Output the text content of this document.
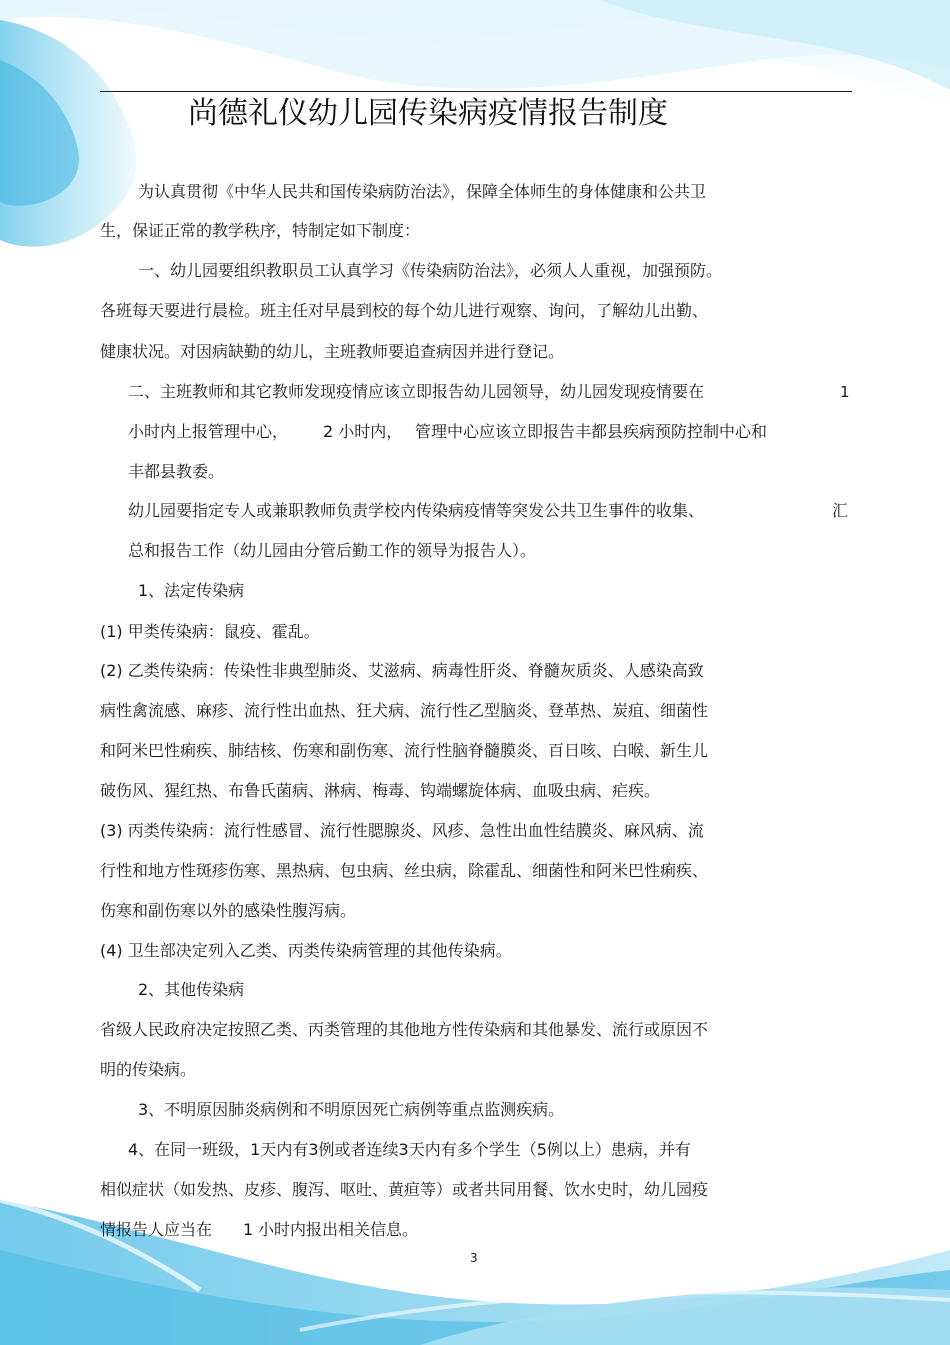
尚德礼仪幼儿园传染病疫情报告制度
为认真贯彻《中华人民共和国传染病防治法》，保障全体师生的身体健康和公共卫
生，保证正常的教学秩序，特制定如下制度：
一、幼儿园要组织教职员工认真学习《传染病防治法》，必须人人重视，加强预防。
各班每天要进行晨检。班主任对早晨到校的每个幼儿进行观察、询问，了解幼儿出勤、
健康状况。对因病缺勤的幼儿，主班教师要追查病因并进行登记。
二、主班教师和其它教师发现疫情应该立即报告幼儿园领导，幼儿园发现疫情要在	1
小时内上报管理中心， 2 小时内， 管理中心应该立即报告丰都县疾病预防控制中心和
丰都县教委。
幼儿园要指定专人或兼职教师负责学校内传染病疫情等突发公共卫生事件的收集、	汇
总和报告工作（幼儿园由分管后勤工作的领导为报告人）。
1、法定传染病
(1) 甲类传染病：鼠疫、霍乱。
(2) 乙类传染病：传染性非典型肺炎、艾滋病、病毒性肝炎、脊髓灰质炎、人感染高致
病性禽流感、麻疹、流行性出血热、狂犬病、流行性乙型脑炎、登革热、炭疽、细菌性
和阿米巴性痢疾、肺结核、伤寒和副伤寒、流行性脑脊髓膜炎、百日咳、白喉、新生儿
破伤风、猩红热、布鲁氏菌病、淋病、梅毒、钩端螺旋体病、血吸虫病、疟疾。
(3) 丙类传染病：流行性感冒、流行性腮腺炎、风疹、急性出血性结膜炎、麻风病、流
行性和地方性斑疹伤寒、黑热病、包虫病、丝虫病，除霍乱、细菌性和阿米巴性痢疾、
伤寒和副伤寒以外的感染性腹泻病。
(4) 卫生部决定列入乙类、丙类传染病管理的其他传染病。
2、其他传染病
省级人民政府决定按照乙类、丙类管理的其他地方性传染病和其他暴发、流行或原因不
明的传染病。
3、不明原因肺炎病例和不明原因死亡病例等重点监测疾病。
4、在同一班级，1天内有3例或者连续3天内有多个学生（5例以上）患病，并有
相似症状（如发热、皮疹、腹泻、呕吐、黄疸等）或者共同用餐、饮水史时，幼儿园疫
情报告人应当在 1 小时内报出相关信息。
3
